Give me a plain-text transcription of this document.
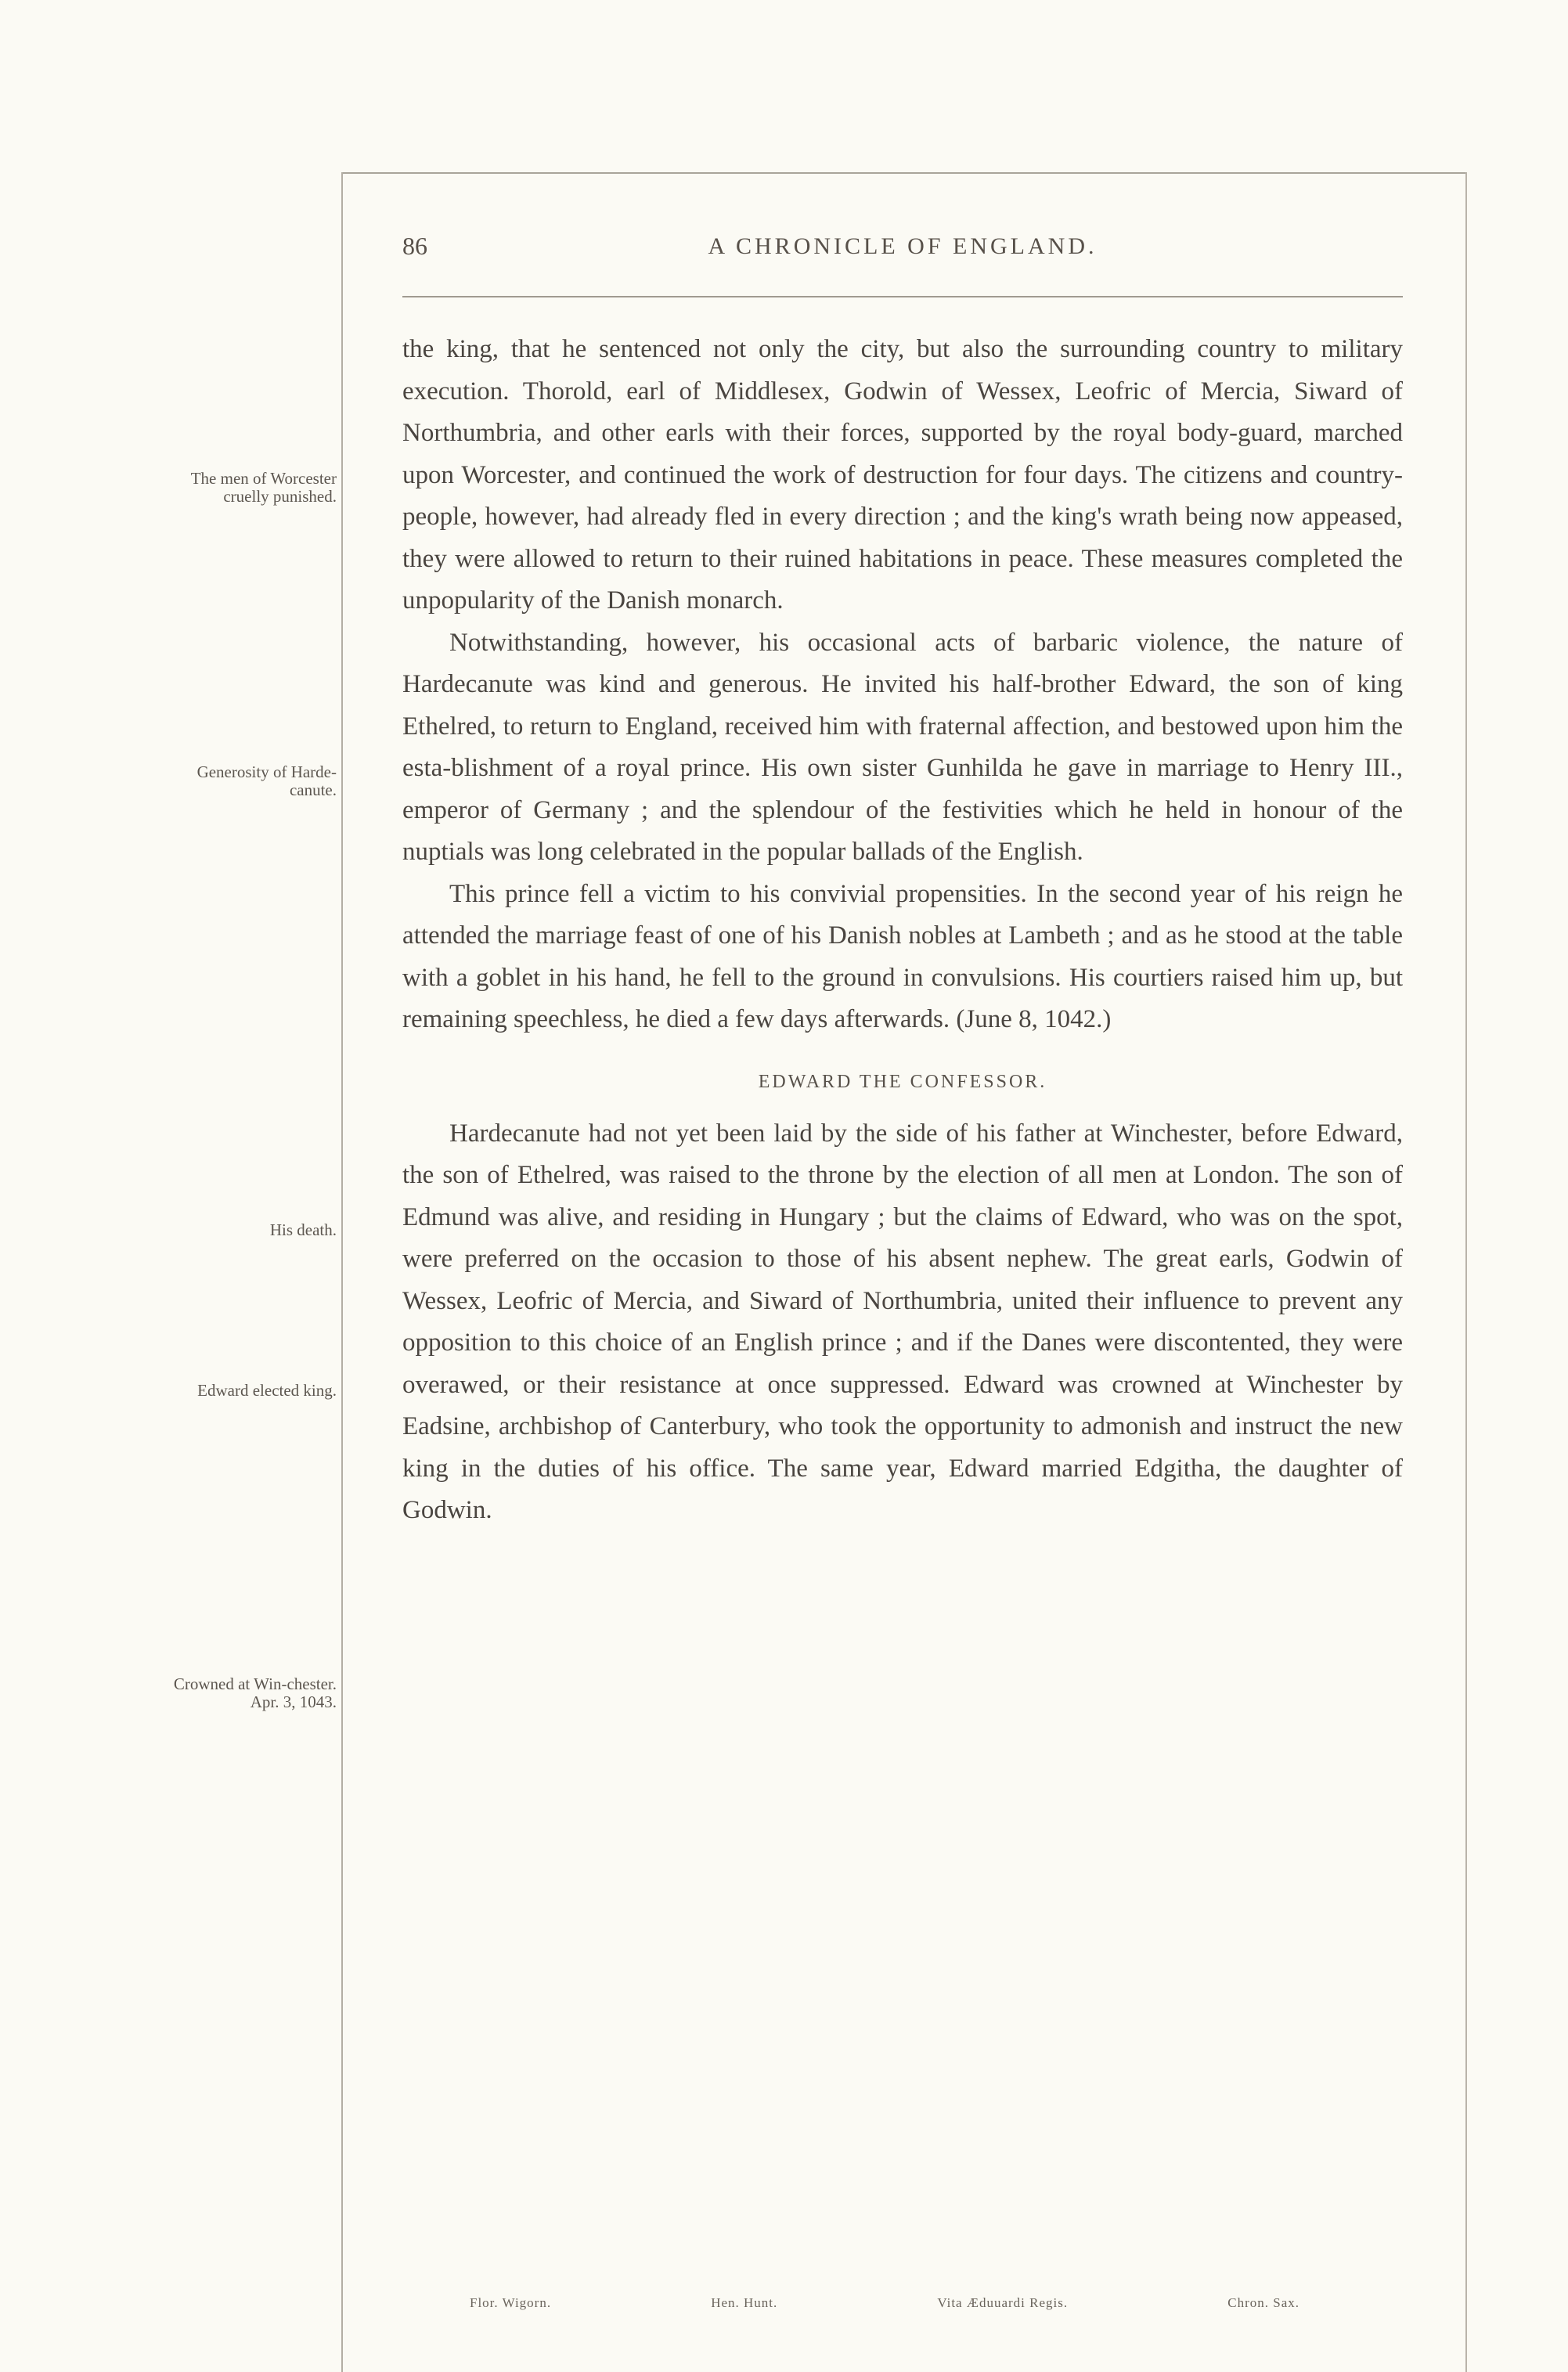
86	A CHRONICLE OF ENGLAND.
The men of Worcester cruelly punished.
Generosity of Harde-canute.
His death.
Edward elected king.
Crowned at Win-chester. Apr. 3, 1043.

the king, that he sentenced not only the city, but also the surrounding country to military execution. Thorold, earl of Middlesex, Godwin of Wessex, Leofric of Mercia, Siward of Northumbria, and other earls with their forces, supported by the royal body-guard, marched upon Worcester, and continued the work of destruction for four days. The citizens and country-people, however, had already fled in every direction ; and the king's wrath being now appeased, they were allowed to return to their ruined habitations in peace. These measures completed the unpopularity of the Danish monarch.

Notwithstanding, however, his occasional acts of barbaric violence, the nature of Hardecanute was kind and generous. He invited his half-brother Edward, the son of king Ethelred, to return to England, received him with fraternal affection, and bestowed upon him the esta-blishment of a royal prince. His own sister Gunhilda he gave in marriage to Henry III., emperor of Germany ; and the splendour of the festivities which he held in honour of the nuptials was long celebrated in the popular ballads of the English.

This prince fell a victim to his convivial propensities. In the second year of his reign he attended the marriage feast of one of his Danish nobles at Lambeth ; and as he stood at the table with a goblet in his hand, he fell to the ground in convulsions. His courtiers raised him up, but remaining speechless, he died a few days afterwards. (June 8, 1042.)

EDWARD THE CONFESSOR.

Hardecanute had not yet been laid by the side of his father at Winchester, before Edward, the son of Ethelred, was raised to the throne by the election of all men at London. The son of Edmund was alive, and residing in Hungary ; but the claims of Edward, who was on the spot, were preferred on the occasion to those of his absent nephew. The great earls, Godwin of Wessex, Leofric of Mercia, and Siward of Northumbria, united their influence to prevent any opposition to this choice of an English prince ; and if the Danes were discontented, they were overawed, or their resistance at once suppressed. Edward was crowned at Winchester by Eadsine, archbishop of Canterbury, who took the opportunity to admonish and instruct the new king in the duties of his office. The same year, Edward married Edgitha, the daughter of Godwin.

Flor. Wigorn.	Hen. Hunt.	Vita Æduuardi Regis.	Chron. Sax.
